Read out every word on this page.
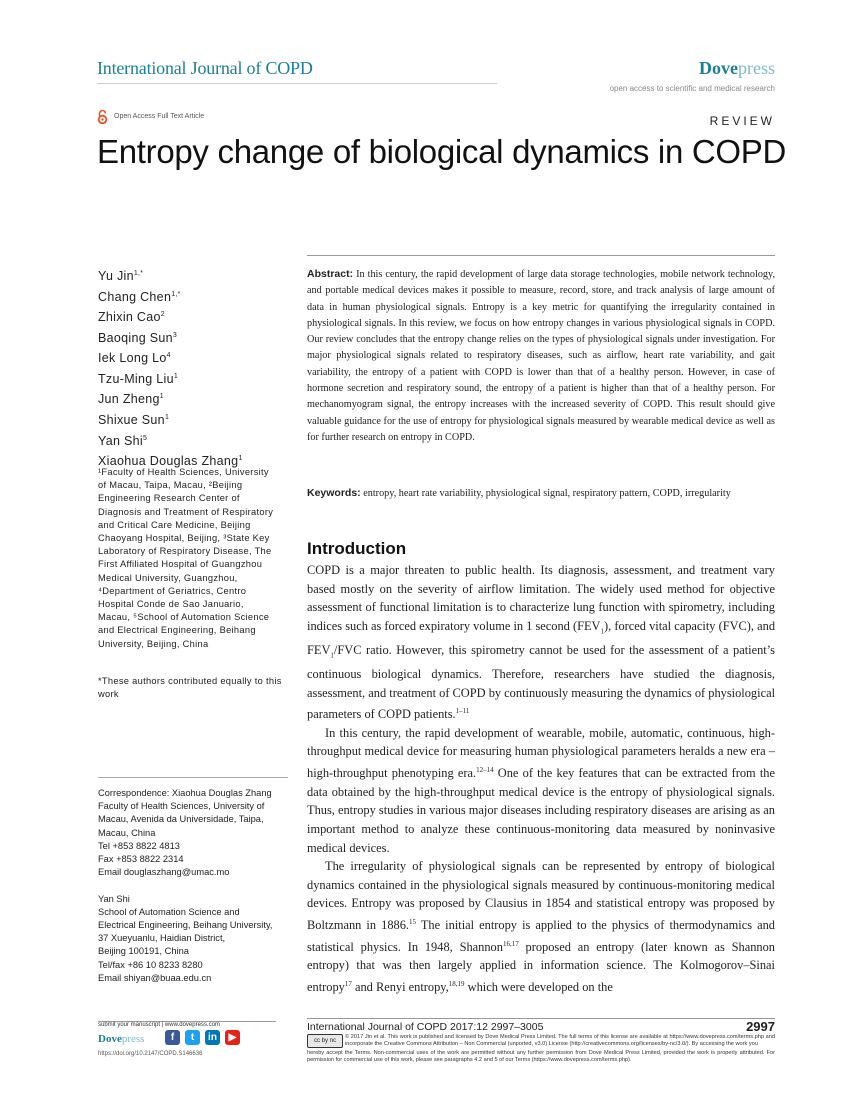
International Journal of COPD	Dovepress
open access to scientific and medical research
Open Access Full Text Article	REVIEW
Entropy change of biological dynamics in COPD
Yu Jin$^{1,*}$
Chang Chen$^{1,*}$
Zhixin Cao$^2$
Baoqing Sun$^3$
Iek Long Lo$^4$
Tzu-Ming Liu$^1$
Jun Zheng$^1$
Shixue Sun$^1$
Yan Shi$^5$
Xiaohua Douglas Zhang$^1$
¹Faculty of Health Sciences, University of Macau, Taipa, Macau, ²Beijing Engineering Research Center of Diagnosis and Treatment of Respiratory and Critical Care Medicine, Beijing Chaoyang Hospital, Beijing, ³State Key Laboratory of Respiratory Disease, The First Affiliated Hospital of Guangzhou Medical University, Guangzhou, ⁴Department of Geriatrics, Centro Hospital Conde de Sao Januario, Macau, ⁵School of Automation Science and Electrical Engineering, Beihang University, Beijing, China
*These authors contributed equally to this work
Correspondence: Xiaohua Douglas Zhang
Faculty of Health Sciences, University of
Macau, Avenida da Universidade, Taipa,
Macau, China
Tel +853 8822 4813
Fax +853 8822 2314
Email douglaszhang@umac.mo

Yan Shi
School of Automation Science and
Electrical Engineering, Beihang University,
37 Xueyuanlu, Haidian District,
Beijing 100191, China
Tel/fax +86 10 8233 8280
Email shiyan@buaa.edu.cn
Abstract: In this century, the rapid development of large data storage technologies, mobile network technology, and portable medical devices makes it possible to measure, record, store, and track analysis of large amount of data in human physiological signals. Entropy is a key metric for quantifying the irregularity contained in physiological signals. In this review, we focus on how entropy changes in various physiological signals in COPD. Our review concludes that the entropy change relies on the types of physiological signals under investigation. For major physiological signals related to respiratory diseases, such as airflow, heart rate variability, and gait variability, the entropy of a patient with COPD is lower than that of a healthy person. However, in case of hormone secretion and respiratory sound, the entropy of a patient is higher than that of a healthy person. For mechanomyogram signal, the entropy increases with the increased severity of COPD. This result should give valuable guidance for the use of entropy for physiological signals measured by wearable medical device as well as for further research on entropy in COPD.
Keywords: entropy, heart rate variability, physiological signal, respiratory pattern, COPD, irregularity
Introduction

COPD is a major threaten to public health. Its diagnosis, assessment, and treatment vary based mostly on the severity of airflow limitation. The widely used method for objective assessment of functional limitation is to characterize lung function with spirometry, including indices such as forced expiratory volume in 1 second $(FEV_1)$, forced vital capacity (FVC), and $FEV_1$/FVC ratio. However, this spirometry cannot be used for the assessment of a patient’s continuous biological dynamics. Therefore, researchers have studied the diagnosis, assessment, and treatment of COPD by continuously measuring the dynamics of physiological parameters of COPD patients.$^{1-11}$

In this century, the rapid development of wearable, mobile, automatic, continuous, high-throughput medical device for measuring human physiological parameters heralds a new era – high-throughput phenotyping era.$^{12-14}$ One of the key features that can be extracted from the data obtained by the high-throughput medical device is the entropy of physiological signals. Thus, entropy studies in various major diseases including respiratory diseases are arising as an important method to analyze these continuous-monitoring data measured by noninvasive medical devices.

The irregularity of physiological signals can be represented by entropy of biological dynamics contained in the physiological signals measured by continuous-monitoring medical devices. Entropy was proposed by Clausius in 1854 and statistical entropy was proposed by Boltzmann in 1886.15 The initial entropy is applied to the physics of thermodynamics and statistical physics. In 1948, Shannon$^{16,17}$ proposed an entropy (later known as Shannon entropy) that was then largely applied in information science. The Kolmogorov–Sinai entropy$^{17}$ and Renyi entropy,$^{18,19}$ which were developed on the

submit your manuscript | www.dovepress.com
Dovepress	f	t	in	▶
https://doi.org/10.2147/COPD.S146636
International Journal of COPD 2017:12 2997–3005	2997
cc by nc
© 2017 Jin et al. This work is published and licensed by Dove Medical Press Limited. The full terms of this license are available at https://www.dovepress.com/terms.php and incorporate the Creative Commons Attribution – Non Commercial (unported, v3.0) License (http://creativecommons.org/licenses/by-nc/3.0/). By accessing the work you
hereby accept the Terms. Non-commercial uses of the work are permitted without any further permission from Dove Medical Press Limited, provided the work is properly attributed. For permission for commercial use of this work, please see paragraphs 4.2 and 5 of our Terms (https://www.dovepress.com/terms.php).
